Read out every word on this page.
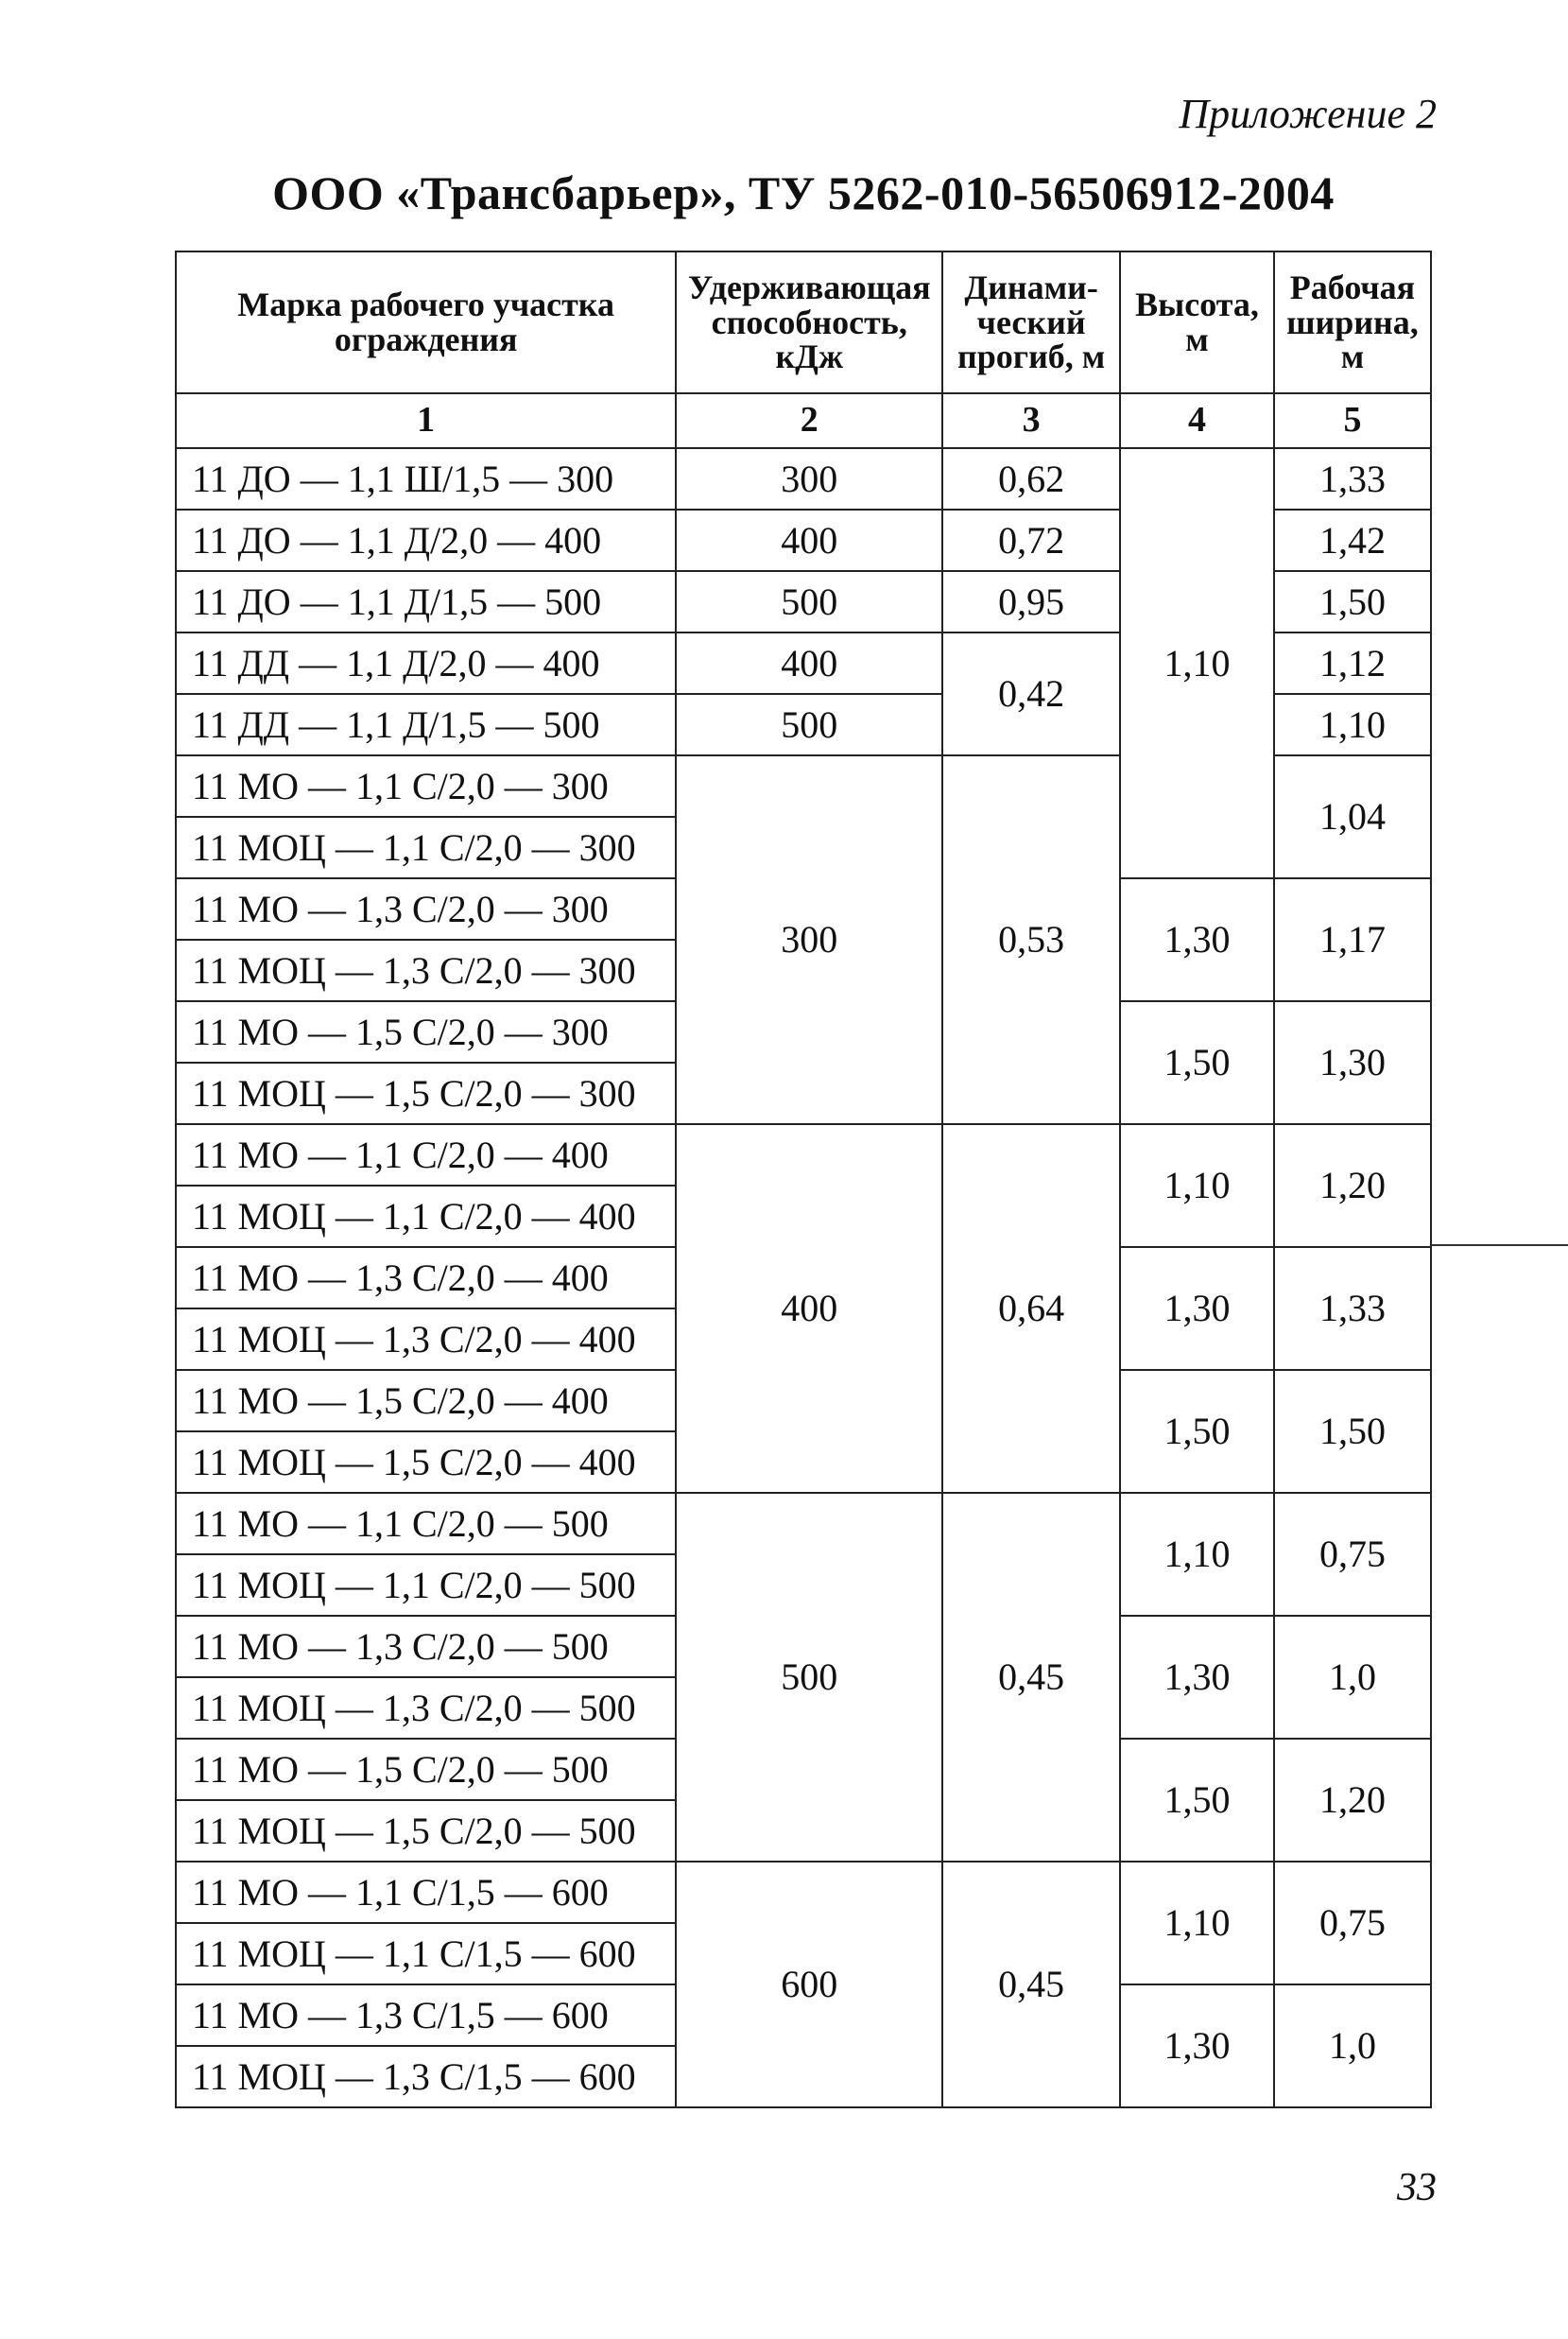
Приложение 2
ООО «Трансбарьер», ТУ 5262-010-56506912-2004
Марка рабочего участка ограждения	Удерживающая способность, кДж	Динами- ческий прогиб, м	Высота, м	Рабочая ширина, м
1	2	3	4	5
11 ДО — 1,1 Ш/1,5 — 300	300	0,62	1,10	1,33
11 ДО — 1,1 Д/2,0 — 400	400	0,72		1,42
11 ДО — 1,1 Д/1,5 — 500	500	0,95		1,50
11 ДД — 1,1 Д/2,0 — 400	400	0,42		1,12
11 ДД — 1,1 Д/1,5 — 500	500			1,10
11 МО — 1,1 С/2,0 — 300	300	0,53		1,04
11 МОЦ — 1,1 С/2,0 — 300				
11 МО — 1,3 С/2,0 — 300			1,30	1,17
11 МОЦ — 1,3 С/2,0 — 300				
11 МО — 1,5 С/2,0 — 300			1,50	1,30
11 МОЦ — 1,5 С/2,0 — 300				
11 МО — 1,1 С/2,0 — 400	400	0,64	1,10	1,20
11 МОЦ — 1,1 С/2,0 — 400				
11 МО — 1,3 С/2,0 — 400			1,30	1,33
11 МОЦ — 1,3 С/2,0 — 400				
11 МО — 1,5 С/2,0 — 400			1,50	1,50
11 МОЦ — 1,5 С/2,0 — 400				
11 МО — 1,1 С/2,0 — 500	500	0,45	1,10	0,75
11 МОЦ — 1,1 С/2,0 — 500				
11 МО — 1,3 С/2,0 — 500			1,30	1,0
11 МОЦ — 1,3 С/2,0 — 500				
11 МО — 1,5 С/2,0 — 500			1,50	1,20
11 МОЦ — 1,5 С/2,0 — 500				
11 МО — 1,1 С/1,5 — 600	600	0,45	1,10	0,75
11 МОЦ — 1,1 С/1,5 — 600				
11 МО — 1,3 С/1,5 — 600			1,30	1,0
11 МОЦ — 1,3 С/1,5 — 600				
33
